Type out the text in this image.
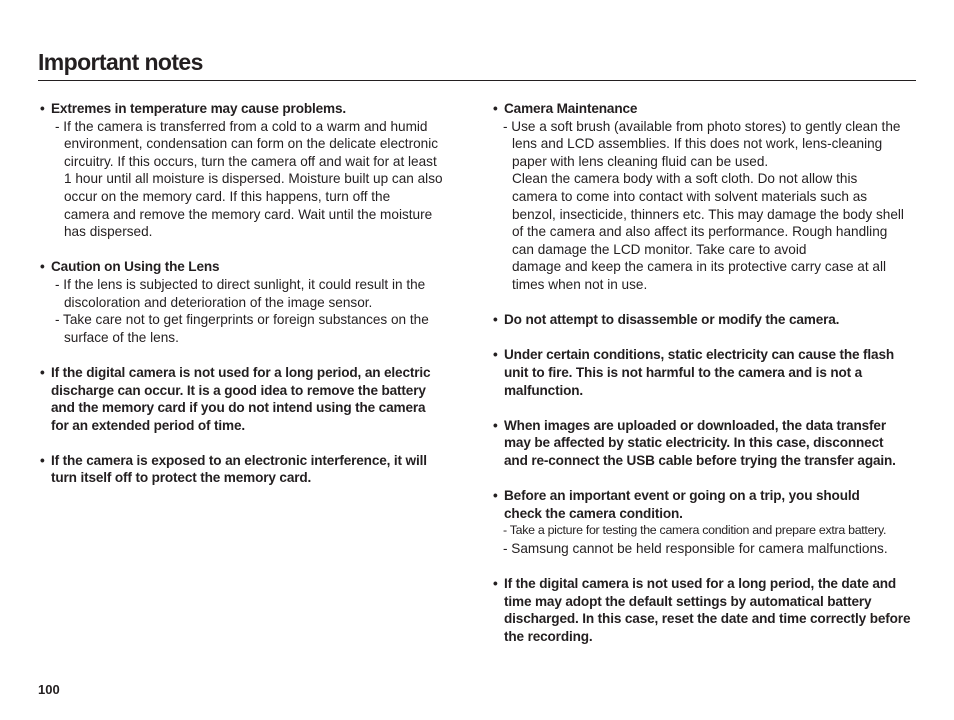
Important notes
• Extremes in temperature may cause problems.
- If the camera is transferred from a cold to a warm and humid
environment, condensation can form on the delicate electronic
circuitry. If this occurs, turn the camera off and wait for at least
1 hour until all moisture is dispersed. Moisture built up can also
occur on the memory card. If this happens, turn off the
camera and remove the memory card. Wait until the moisture
has dispersed.
• Caution on Using the Lens
- If the lens is subjected to direct sunlight, it could result in the
discoloration and deterioration of the image sensor.
- Take care not to get fingerprints or foreign substances on the
surface of the lens.
• If the digital camera is not used for a long period, an electric
discharge can occur. It is a good idea to remove the battery
and the memory card if you do not intend using the camera
for an extended period of time.
• If the camera is exposed to an electronic interference, it will
turn itself off to protect the memory card.
• Camera Maintenance
- Use a soft brush (available from photo stores) to gently clean the
lens and LCD assemblies. If this does not work, lens-cleaning
paper with lens cleaning fluid can be used.
Clean the camera body with a soft cloth. Do not allow this
camera to come into contact with solvent materials such as
benzol, insecticide, thinners etc. This may damage the body shell
of the camera and also affect its performance. Rough handling
can damage the LCD monitor. Take care to avoid
damage and keep the camera in its protective carry case at all
times when not in use.
• Do not attempt to disassemble or modify the camera.
• Under certain conditions, static electricity can cause the flash
unit to fire. This is not harmful to the camera and is not a
malfunction.
• When images are uploaded or downloaded, the data transfer
may be affected by static electricity. In this case, disconnect
and re-connect the USB cable before trying the transfer again.
• Before an important event or going on a trip, you should
check the camera condition.
- Take a picture for testing the camera condition and prepare extra battery.
- Samsung cannot be held responsible for camera malfunctions.
• If the digital camera is not used for a long period, the date and
time may adopt the default settings by automatical battery
discharged. In this case, reset the date and time correctly before
the recording.
100
